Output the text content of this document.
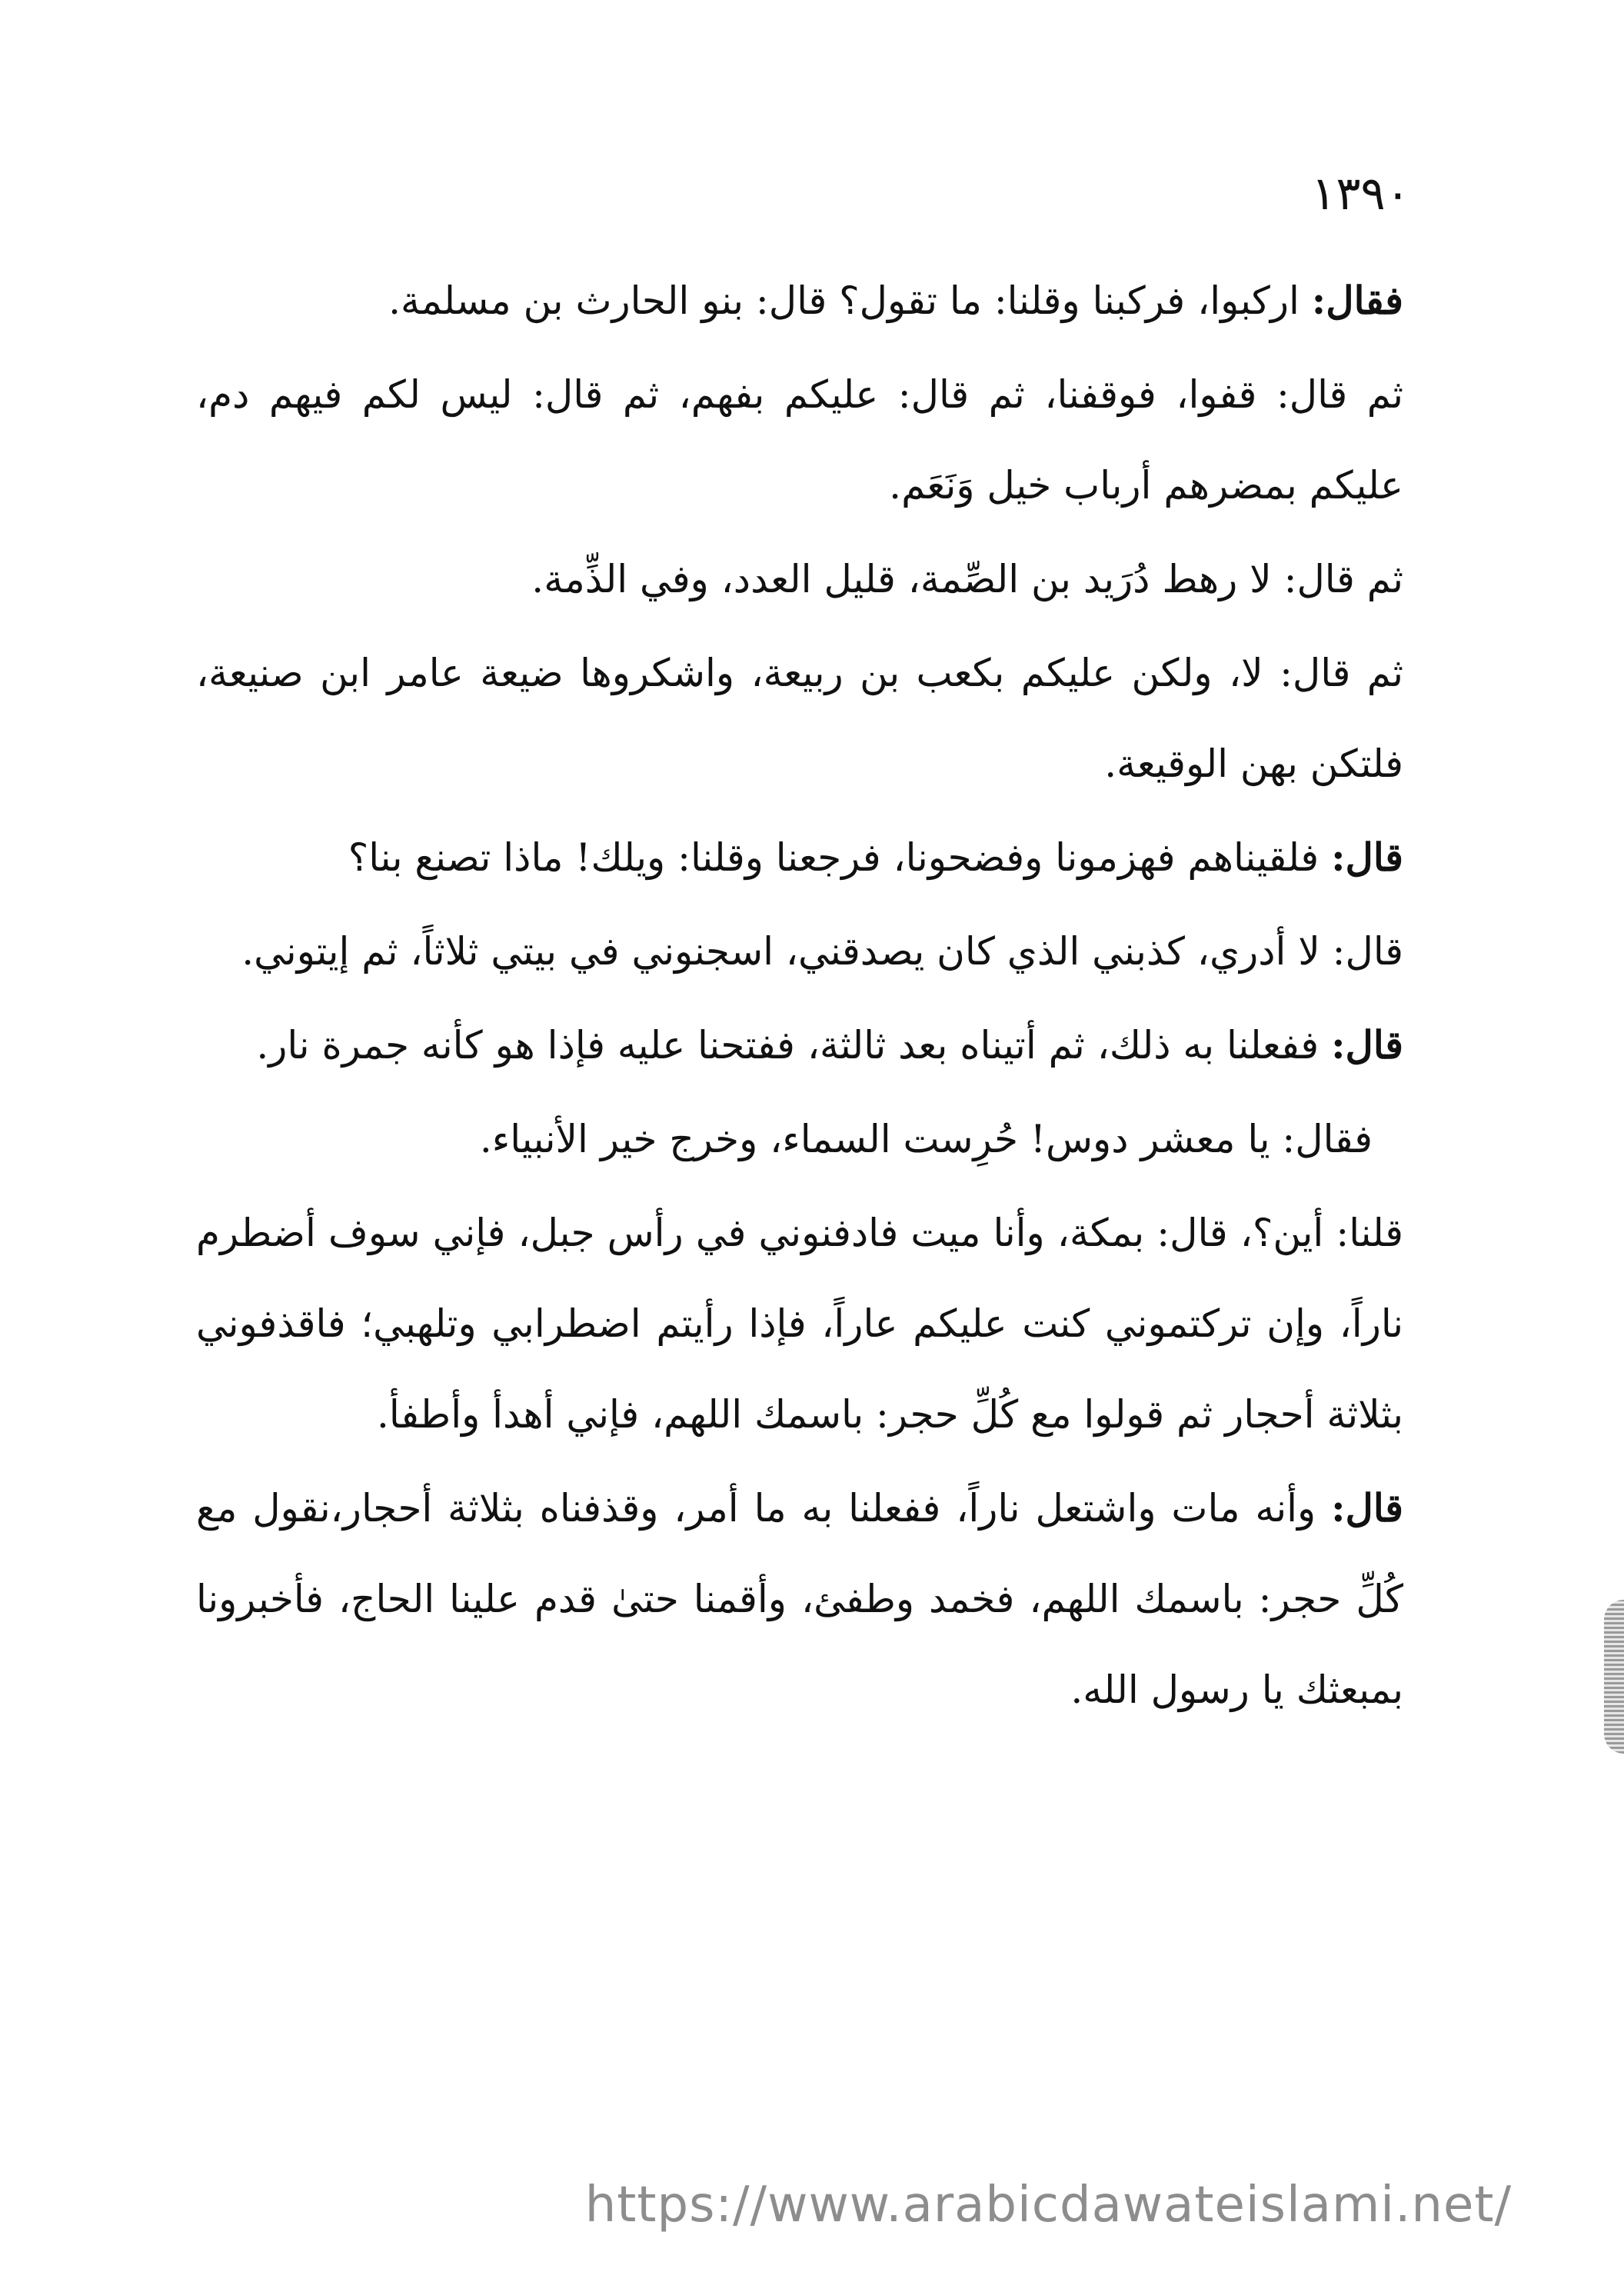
١٣٩٠

فقال: اركبوا، فركبنا وقلنا: ما تقول؟ قال: بنو الحارث بن مسلمة.

ثم قال: قفوا، فوقفنا، ثم قال: عليكم بفهم، ثم قال: ليس لكم فيهم دم، عليكم بمضرهم أرباب خيل وَنَعَم.

ثم قال: لا رهط دُرَيد بن الصِّمة، قليل العدد، وفي الذِّمة.

ثم قال: لا، ولكن عليكم بكعب بن ربيعة، واشكروها ضيعة عامر ابن صنيعة، فلتكن بهن الوقيعة.

قال: فلقيناهم فهزمونا وفضحونا، فرجعنا وقلنا: ويلك! ماذا تصنع بنا؟

قال: لا أدري، كذبني الذي كان يصدقني، اسجنوني في بيتي ثلاثاً، ثم إيتوني.

قال: ففعلنا به ذلك، ثم أتيناه بعد ثالثة، ففتحنا عليه فإذا هو كأنه جمرة نار.

فقال: يا معشر دوس! حُرِست السماء، وخرج خير الأنبياء.

قلنا: أين؟، قال: بمكة، وأنا ميت فادفنوني في رأس جبل، فإني سوف أضطرم ناراً، وإن تركتموني كنت عليكم عاراً، فإذا رأيتم اضطرابي وتلهبي؛ فاقذفوني بثلاثة أحجار ثم قولوا مع كُلِّ حجر: باسمك اللهم، فإني أهدأ وأطفأ.

قال: وأنه مات واشتعل ناراً، ففعلنا به ما أمر، وقذفناه بثلاثة أحجار،نقول مع كُلِّ حجر: باسمك اللهم، فخمد وطفئ، وأقمنا حتىٰ قدم علينا الحاج، فأخبرونا بمبعثك يا رسول الله.

https://www.arabicdawateislami.net/
